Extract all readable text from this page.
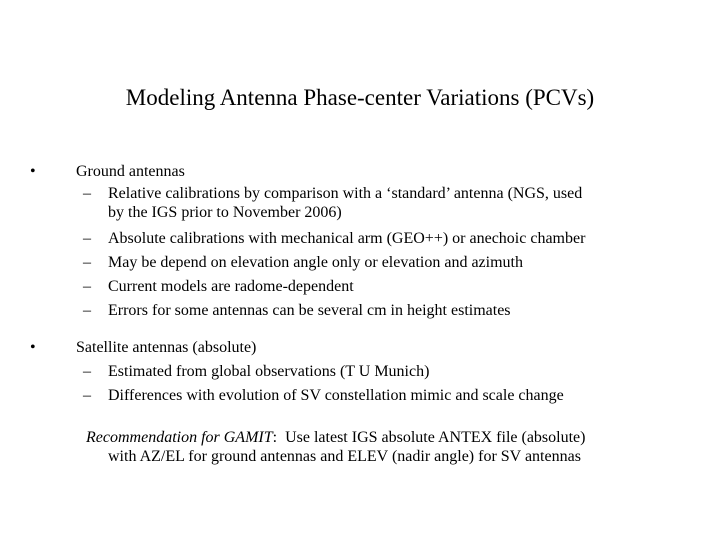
Modeling Antenna Phase-center Variations (PCVs)
•	Ground antennas
– Relative calibrations by comparison with a ‘standard’ antenna (NGS, used
by the IGS prior to November 2006)
– Absolute calibrations with mechanical arm (GEO++) or anechoic chamber
– May be depend on elevation angle only or elevation and azimuth
– Current models are radome-dependent
– Errors for some antennas can be several cm in height estimates
•	Satellite antennas (absolute)
– Estimated from global observations (T U Munich)
– Differences with evolution of SV constellation mimic and scale change
Recommendation for GAMIT: Use latest IGS absolute ANTEX file (absolute)
with AZ/EL for ground antennas and ELEV (nadir angle) for SV antennas
